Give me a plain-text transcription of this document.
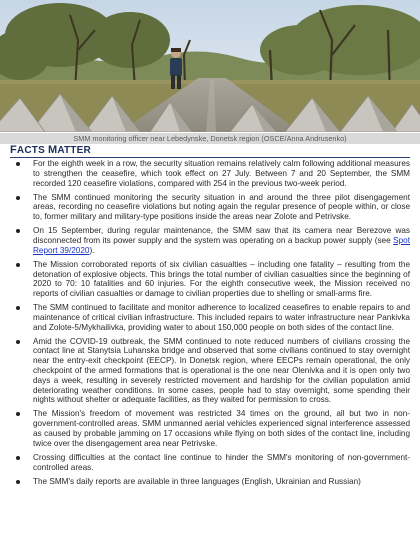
SMM monitoring officer near Lebedynske, Donetsk region (OSCE/Anna Andrusenko)
FACTS MATTER
For the eighth week in a row, the security situation remains relatively calm following additional measures to strengthen the ceasefire, which took effect on 27 July. Between 7 and 20 September, the SMM recorded 120 ceasefire violations, compared with 254 in the previous two-week period.
The SMM continued monitoring the security situation in and around the three pilot disengagement areas, recording no ceasefire violations but noting again the regular presence of people within, or close to, former military and military-type positions inside the areas near Zolote and Petrivske.
On 15 September, during regular maintenance, the SMM saw that its camera near Berezove was disconnected from its power supply and the system was operating on a backup power supply (see Spot Report 39/2020).
The Mission corroborated reports of six civilian casualties – including one fatality – resulting from the detonation of explosive objects. This brings the total number of civilian casualties since the beginning of 2020 to 70: 10 fatalities and 60 injuries. For the eighth consecutive week, the Mission received no reports of civilian casualties or damage to civilian properties due to shelling or small-arms fire.
The SMM continued to facilitate and monitor adherence to localized ceasefires to enable repairs to and maintenance of critical civilian infrastructure. This included repairs to water infrastructure near Pankivka and Zolote-5/Mykhailivka, providing water to about 150,000 people on both sides of the contact line.
Amid the COVID-19 outbreak, the SMM continued to note reduced numbers of civilians crossing the contact line at Stanytsia Luhanska bridge and observed that some civilians continued to stay overnight near the entry-exit checkpoint (EECP). In Donetsk region, where EECPs remain operational, the only checkpoint of the armed formations that is operational is the one near Olenivka and it is open only two days a week, resulting in severely restricted movement and hardship for the civilian population amid deteriorating weather conditions. In some cases, people had to stay overnight, some spending their nights without shelter or adequate facilities, as they waited for permission to cross.
The Mission's freedom of movement was restricted 34 times on the ground, all but two in non-government-controlled areas. SMM unmanned aerial vehicles experienced signal interference assessed as caused by probable jamming on 17 occasions while flying on both sides of the contact line, including twice over the disengagement area near Petrivske.
Crossing difficulties at the contact line continue to hinder the SMM's monitoring of non-government-controlled areas.
The SMM's daily reports are available in three languages (English, Ukrainian and Russian)
